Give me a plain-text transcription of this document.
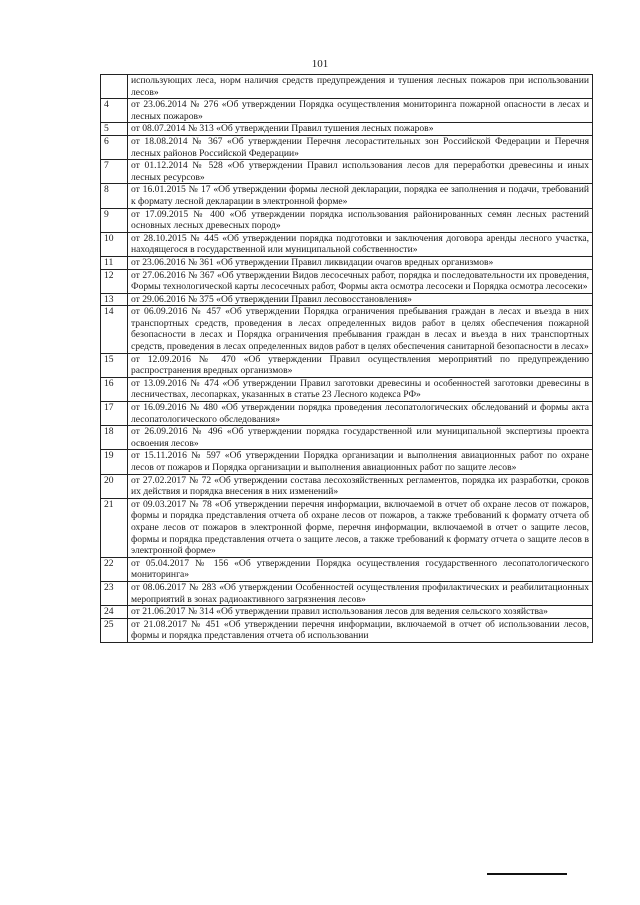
101
	использующих леса, норм наличия средств предупреждения и тушения лесных пожаров при использовании лесов»
4	от 23.06.2014 № 276 «Об утверждении Порядка осуществления мониторинга пожарной опасности в лесах и лесных пожаров»
5	от 08.07.2014 № 313 «Об утверждении Правил тушения лесных пожаров»
6	от 18.08.2014 № 367 «Об утверждении Перечня лесорастительных зон Российской Федерации и Перечня лесных районов Российской Федерации»
7	от 01.12.2014 № 528 «Об утверждении Правил использования лесов для переработки древесины и иных лесных ресурсов»
8	от 16.01.2015 № 17 «Об утверждении формы лесной декларации, порядка ее заполнения и подачи, требований к формату лесной декларации в электронной форме»
9	от 17.09.2015 № 400 «Об утверждении порядка использования районированных семян лесных растений основных лесных древесных пород»
10	от 28.10.2015 № 445 «Об утверждении порядка подготовки и заключения договора аренды лесного участка, находящегося в государственной или муниципальной собственности»
11	от 23.06.2016 № 361 «Об утверждении Правил ликвидации очагов вредных организмов»
12	от 27.06.2016 № 367 «Об утверждении Видов лесосечных работ, порядка и последовательности их проведения, Формы технологической карты лесосечных работ, Формы акта осмотра лесосеки и Порядка осмотра лесосеки»
13	от 29.06.2016 № 375 «Об утверждении Правил лесовосстановления»
14	от 06.09.2016 № 457 «Об утверждении Порядка ограничения пребывания граждан в лесах и въезда в них транспортных средств, проведения в лесах определенных видов работ в целях обеспечения пожарной безопасности в лесах и Порядка ограничения пребывания граждан в лесах и въезда в них транспортных средств, проведения в лесах определенных видов работ в целях обеспечения санитарной безопасности в лесах»
15	от 12.09.2016 № 470 «Об утверждении Правил осуществления мероприятий по предупреждению распространения вредных организмов»
16	от 13.09.2016 № 474 «Об утверждении Правил заготовки древесины и особенностей заготовки древесины в лесничествах, лесопарках, указанных в статье 23 Лесного кодекса РФ»
17	от 16.09.2016 № 480 «Об утверждении порядка проведения лесопатологических обследований и формы акта лесопатологического обследования»
18	от 26.09.2016 № 496 «Об утверждении порядка государственной или муниципальной экспертизы проекта освоения лесов»
19	от 15.11.2016 № 597 «Об утверждении Порядка организации и выполнения авиационных работ по охране лесов от пожаров и Порядка организации и выполнения авиационных работ по защите лесов»
20	от 27.02.2017 № 72 «Об утверждении состава лесохозяйственных регламентов, порядка их разработки, сроков их действия и порядка внесения в них изменений»
21	от 09.03.2017 № 78 «Об утверждении перечня информации, включаемой в отчет об охране лесов от пожаров, формы и порядка представления отчета об охране лесов от пожаров, а также требований к формату отчета об охране лесов от пожаров в электронной форме, перечня информации, включаемой в отчет о защите лесов, формы и порядка представления отчета о защите лесов, а также требований к формату отчета о защите лесов в электронной форме»
22	от 05.04.2017 № 156 «Об утверждении Порядка осуществления государственного лесопатологического мониторинга»
23	от 08.06.2017 № 283 «Об утверждении Особенностей осуществления профилактических и реабилитационных мероприятий в зонах радиоактивного загрязнения лесов»
24	от 21.06.2017 № 314 «Об утверждении правил использования лесов для ведения сельского хозяйства»
25	от 21.08.2017 № 451 «Об утверждении перечня информации, включаемой в отчет об использовании лесов, формы и порядка представления отчета об использовании
